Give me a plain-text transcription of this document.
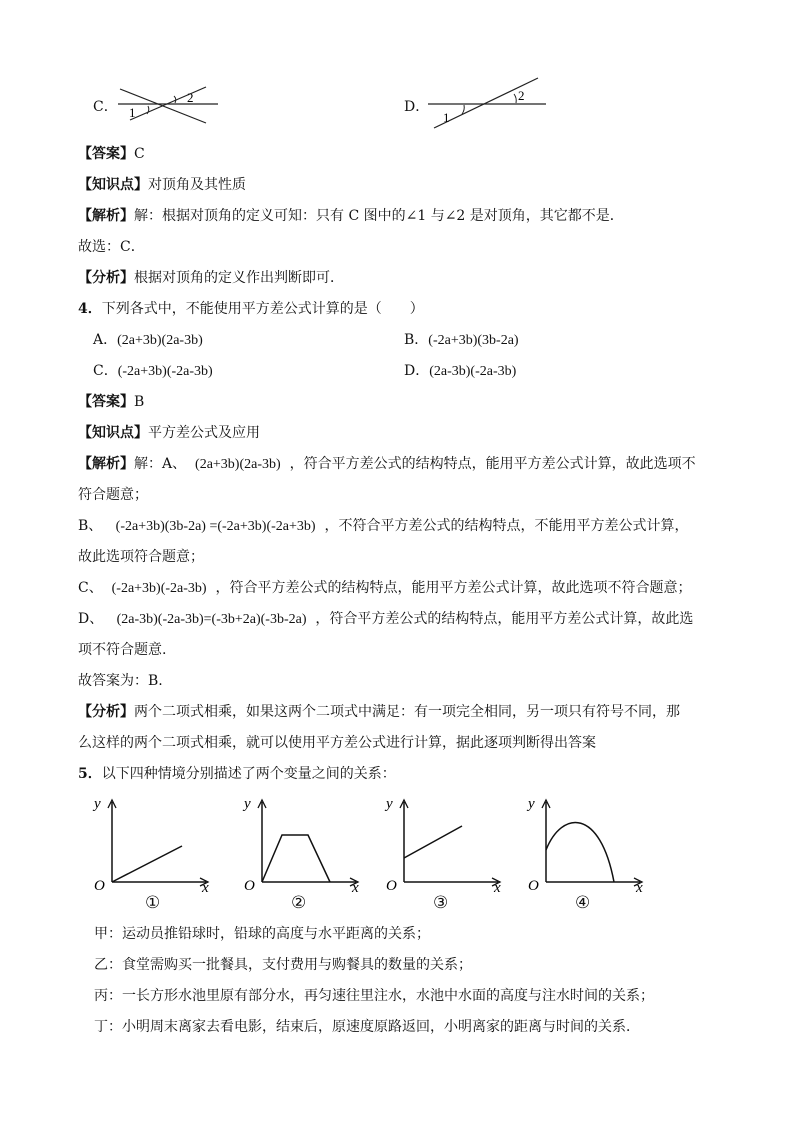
C． 1
2
D．
1
2
【答案】C
【知识点】对顶角及其性质
【解析】解：根据对顶角的定义可知：只有 C 图中的∠1 与∠2 是对顶角，其它都不是．
故选：C．
【分析】根据对顶角的定义作出判断即可．
4．下列各式中，不能使用平方差公式计算的是（　　）
A．(2a+3b)(2a-3b)	B．(-2a+3b)(3b-2a)
C．(-2a+3b)(-2a-3b)	D．(2a-3b)(-2a-3b)
【答案】B
【知识点】平方差公式及应用
【解析】解：A、 (2a+3b)(2a-3b) ，符合平方差公式的结构特点，能用平方差公式计算，故此选项不
符合题意；
B、 (-2a+3b)(3b-2a) =(-2a+3b)(-2a+3b) ，不符合平方差公式的结构特点，不能用平方差公式计算，
故此选项符合题意；
C、 (-2a+3b)(-2a-3b) ，符合平方差公式的结构特点，能用平方差公式计算，故此选项不符合题意；
D、 (2a-3b)(-2a-3b)=(-3b+2a)(-3b-2a) ，符合平方差公式的结构特点，能用平方差公式计算，故此选
项不符合题意.
故答案为：B.
【分析】两个二项式相乘，如果这两个二项式中满足：有一项完全相同，另一项只有符号不同，那
么这样的两个二项式相乘，就可以使用平方差公式进行计算，据此逐项判断得出答案
5．以下四种情境分别描述了两个变量之间的关系：
y
O	x
①
y
O	x
②
y
O	x
③
y
O	x
④
甲：运动员推铅球时，铅球的高度与水平距离的关系；
乙：食堂需购买一批餐具，支付费用与购餐具的数量的关系；
丙：一长方形水池里原有部分水，再匀速往里注水，水池中水面的高度与注水时间的关系；
丁：小明周末离家去看电影，结束后，原速度原路返回，小明离家的距离与时间的关系．
